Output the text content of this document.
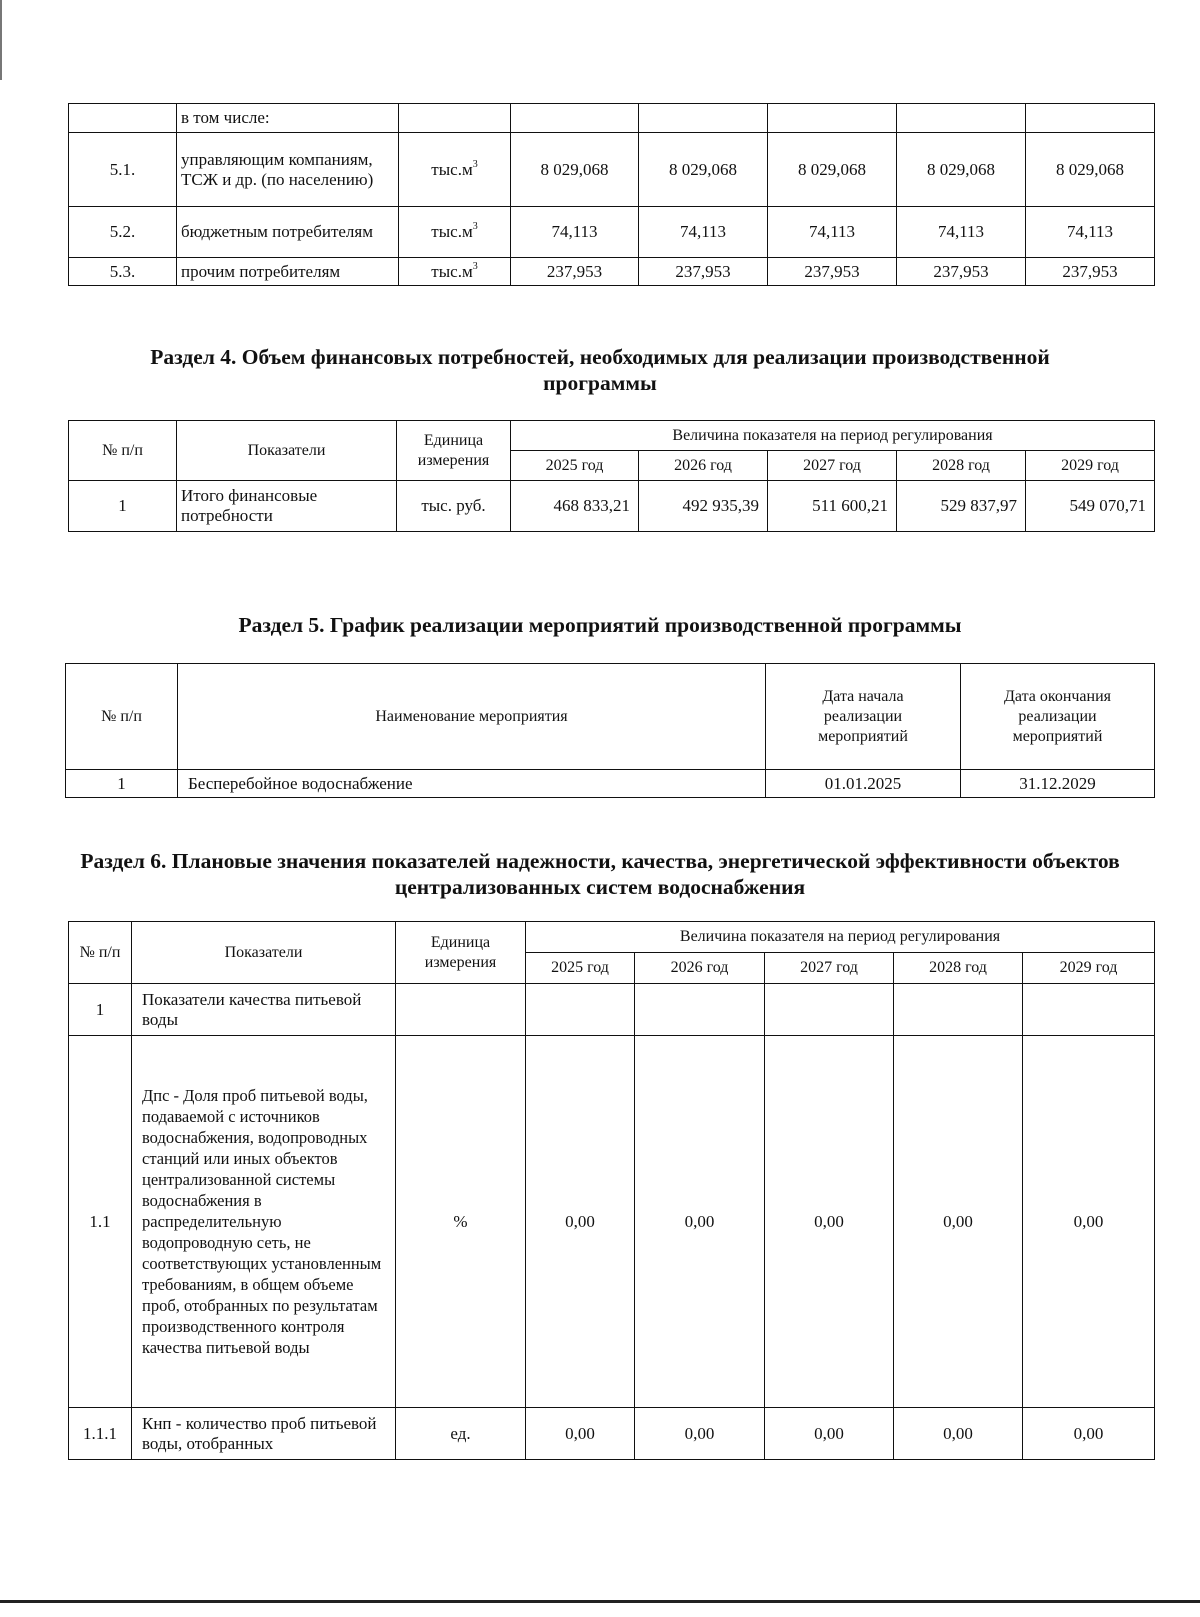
	в том числе:						
5.1.	управляющим компаниям, ТСЖ и др. (по населению)	$тыс.м^3$	8 029,068	8 029,068	8 029,068	8 029,068	8 029,068
5.2.	бюджетным потребителям	$тыс.м^3$	74,113	74,113	74,113	74,113	74,113
5.3.	прочим потребителям	$тыс.м^3$	237,953	237,953	237,953	237,953	237,953
Раздел 4. Объем финансовых потребностей, необходимых для реализации производственной программы
№ п/п	Показатели	Единица измерения	Величина показателя на период регулирования				
			2025 год	2026 год	2027 год	2028 год	2029 год
1	Итого финансовые потребности	тыс. руб.	468 833,21	492 935,39	511 600,21	529 837,97	549 070,71
Раздел 5. График реализации мероприятий производственной программы
№ п/п	Наименование мероприятия	Дата начала реализации мероприятий	Дата окончания реализации мероприятий
1	Бесперебойное водоснабжение	01.01.2025	31.12.2029
Раздел 6. Плановые значения показателей надежности, качества, энергетической эффективности объектов централизованных систем водоснабжения
№ п/п	Показатели	Единица измерения	Величина показателя на период регулирования				
			2025 год	2026 год	2027 год	2028 год	2029 год
1	Показатели качества питьевой воды						
1.1	Дпс - Доля проб питьевой воды, подаваемой с источников водоснабжения, водопроводных станций или иных объектов централизованной системы водоснабжения в распределительную водопроводную сеть, не соответствующих установленным требованиям, в общем объеме проб, отобранных по результатам производственного контроля качества питьевой воды	%	0,00	0,00	0,00	0,00	0,00
1.1.1	Кнп - количество проб питьевой воды, отобранных	ед.	0,00	0,00	0,00	0,00	0,00
